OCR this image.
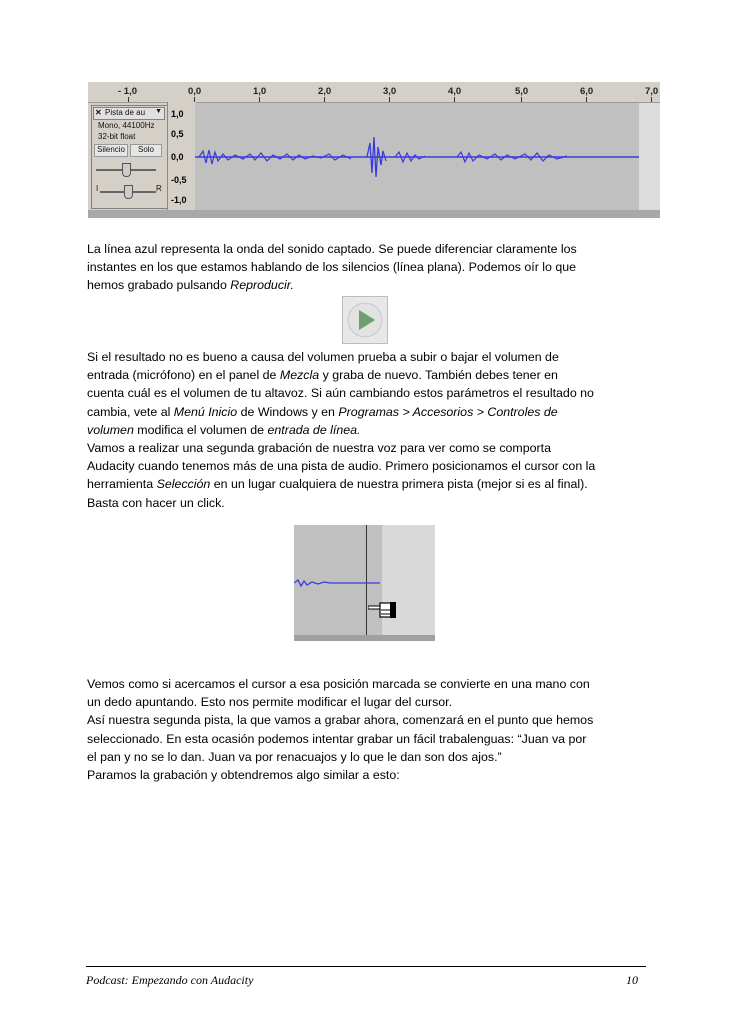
- 1,0	0,0	1,0	2,0	3,0	4,0	5,0	6,0	7,0
✕ Pista de au ▼
Mono, 44100Hz
32-bit float
Silencio	Solo
I	R
1,0
0,5
0,0
-0,5
-1,0

La línea azul representa la onda del sonido captado. Se puede diferenciar claramente los

instantes en los que estamos hablando de los silencios (línea plana). Podemos oír lo que

hemos grabado pulsando Reproducir.

Si el resultado no es bueno a causa del volumen prueba a subir o bajar el volumen de

entrada (micrófono) en el panel de Mezcla y graba de nuevo. También debes tener en

cuenta cuál es el volumen de tu altavoz. Si aún cambiando estos parámetros el resultado no

cambia, vete al Menú Inicio de Windows y en Programas > Accesorios > Controles de

volumen modifica el volumen de entrada de línea.

Vamos a realizar una segunda grabación de nuestra voz para ver como se comporta

Audacity cuando tenemos más de una pista de audio. Primero posicionamos el cursor con la

herramienta Selección en un lugar cualquiera de nuestra primera pista (mejor si es al final).

Basta con hacer un click.

Vemos como si acercamos el cursor a esa posición marcada se convierte en una mano con

un dedo apuntando. Esto nos permite modificar el lugar del cursor.

Así nuestra segunda pista, la que vamos a grabar ahora, comenzará en el punto que hemos

seleccionado. En esta ocasión podemos intentar grabar un fácil trabalenguas: “Juan va por

el pan y no se lo dan. Juan va por renacuajos y lo que le dan son dos ajos.”

Paramos la grabación y obtendremos algo similar a esto:

Podcast: Empezando con Audacity	10
